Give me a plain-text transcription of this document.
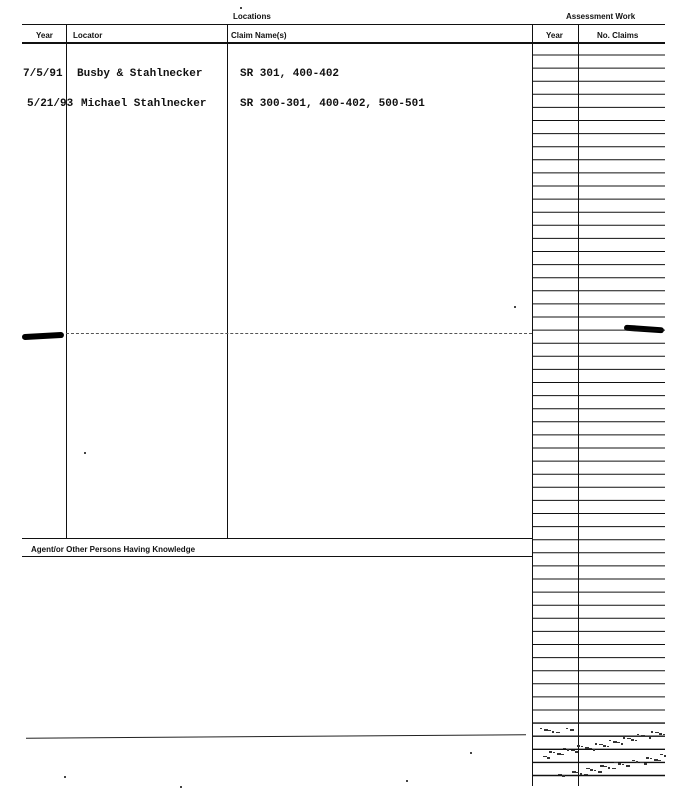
Locations	Assessment Work
Year	Locator	Claim Name(s)	Year	No. Claims
7/5/91 Busby & Stahlnecker	SR 301, 400-402
5/21/93 Michael Stahlnecker	SR 300-301, 400-402, 500-501
Agent/or Other Persons Having Knowledge
